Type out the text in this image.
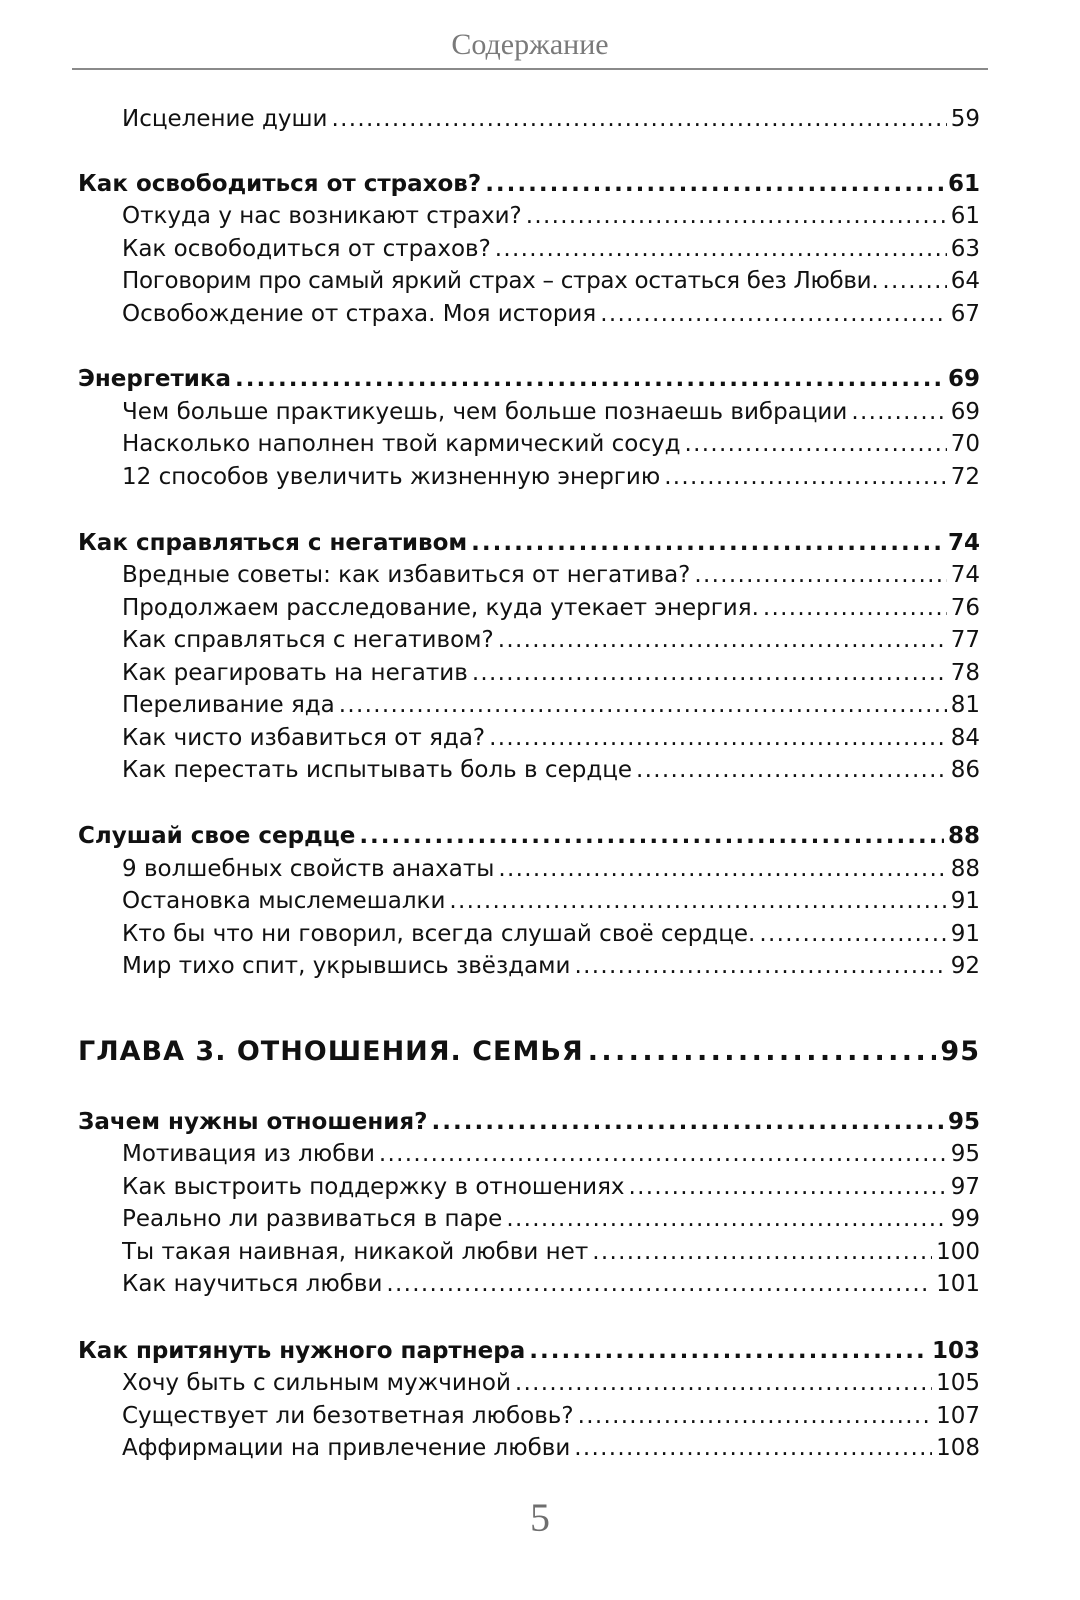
Содержание
Исцеление души . . .	59
Как освободиться от страхов? . . .	61
Откуда у нас возникают страхи? . . .	61
Как освободиться от страхов? . . .	63
Поговорим про самый яркий страх – страх остаться без Любви. . . .	64
Освобождение от страха. Моя история . . .	67
Энергетика . . .	69
Чем больше практикуешь, чем больше познаешь вибрации . . .	69
Насколько наполнен твой кармический сосуд . . .	70
12 способов увеличить жизненную энергию . . .	72
Как справляться с негативом . . .	74
Вредные советы: как избавиться от негатива? . . .	74
Продолжаем расследование, куда утекает энергия. . . .	76
Как справляться с негативом? . . .	77
Как реагировать на негатив . . .	78
Переливание яда . . .	81
Как чисто избавиться от яда? . . .	84
Как перестать испытывать боль в сердце . . .	86
Слушай свое сердце . . .	88
9 волшебных свойств анахаты . . .	88
Остановка мыслемешалки . . .	91
Кто бы что ни говорил, всегда слушай своё сердце. . . .	91
Мир тихо спит, укрывшись звёздами . . .	92
ГЛАВА 3. ОТНОШЕНИЯ. СЕМЬЯ . . .	95
Зачем нужны отношения? . . .	95
Мотивация из любви . . .	95
Как выстроить поддержку в отношениях . . .	97
Реально ли развиваться в паре . . .	99
Ты такая наивная, никакой любви нет . . .	100
Как научиться любви . . .	101
Как притянуть нужного партнера . . .	103
Хочу быть с сильным мужчиной . . .	105
Существует ли безответная любовь? . . .	107
Аффирмации на привлечение любви . . .	108
5
